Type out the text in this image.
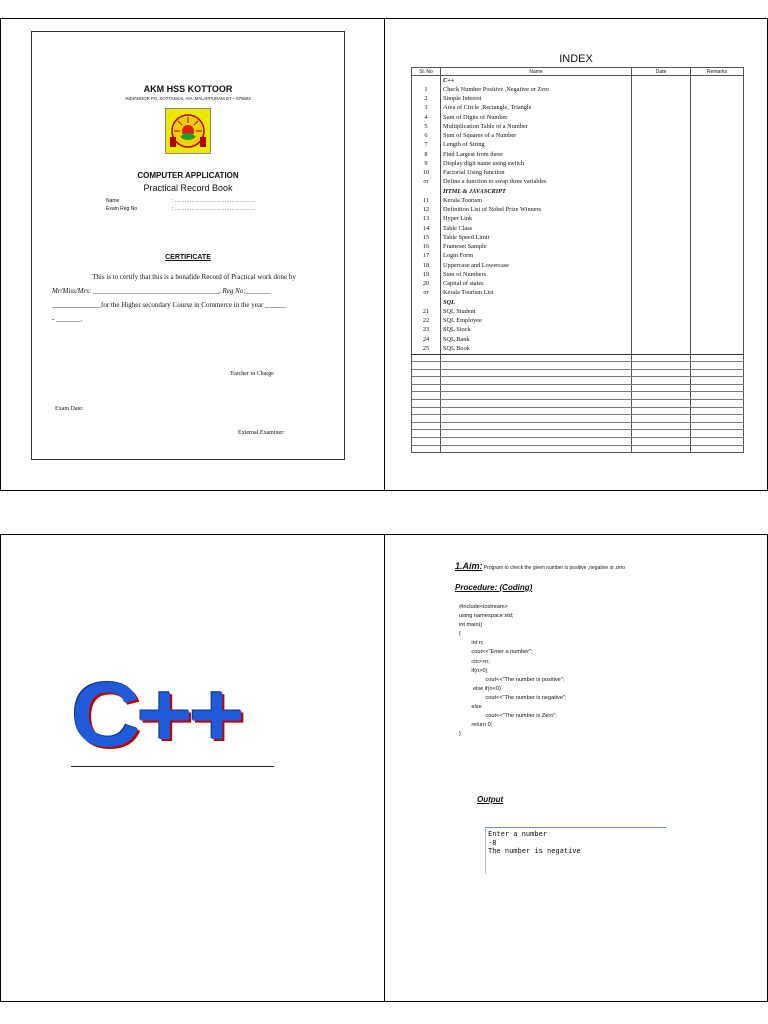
AKM HSS KOTTOOR
INDIANOOR PO, KOTTAKKAL VIA ,MALAPPURAM DT – 676503
COMPUTER APPLICATION
Practical Record Book
Name	: …………………………………………
Exam Reg No	: …………………………………………
CERTIFICATE
This is to certify that this is a bonafide Record of Practical work done by
Mr/Miss/Mrs: ____________________________________, Reg No:_______
______________for the Higher secondary Course in Commerce in the year ______
- _______.
Teacher in Charge
Exam Date:
External Examiner:
INDEX
Sl. No	Name	Date	Remarks
	C++		
1	Check Number Positive ,Negative or Zero		
2	Simple Interest		
3	Area of Circle ,Rectangle, Triangle		
4	Sum of Digits of Number		
5	Multiplication Table of a Number		
6	Sum of Squares of a Number		
7	Length of String		
8	Find Largest from three		
9	Display digit name using switch		
10	Factorial Using function		
or	Define a function to swap three variables		
	HTML & JAVASCRIPT		
11	Kerala Tourism		
12	Definition List of Nobel Prize Winners		
13	Hyper Link		
14	Table Class		
15	Table Speed Limit		
16	Frameset Sample		
17	Login Form		
18	Uppercase and Lowercase		
19	Sum of Numbers		
20	Capital of states		
or	Kerala Tourism List		
	SQL		
21	SQL Student		
22	SQL Employee		
23	SQL Stock		
24	SQL Bank		
25	SQL Book		

C++
1.Aim: Program to check the given number is positive ,negative or zero
Procedure: (Coding)
#include<iostream>
using namespace std;
int main()
{
int n;
cout<<"Enter a number";
cin>>n;
if(n>0)
cout<<"The number is positive";
else if(n<0)
cout<<"The number is negative";
else
cout<<"The number is Zero";
return 0;
}
Output
Enter a number
-8
The number is negative
